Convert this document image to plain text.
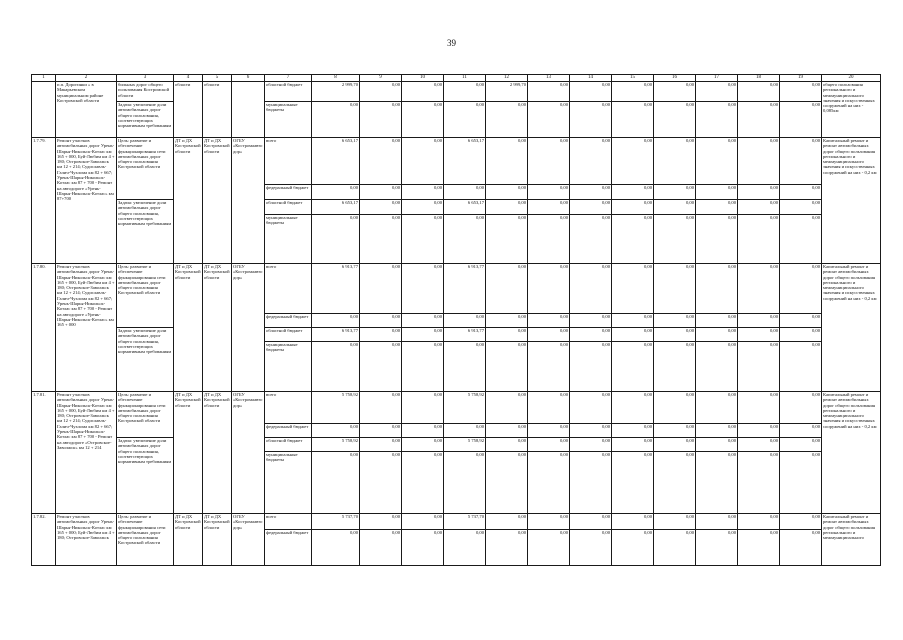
39
1	2	3	4	5	6	7	8	9	10	11	12	13	14	15	16	17	18	19	20
	п.п. Дорогинки » в Макарьевском муниципальном районе Костромской области	бильных дорог общего пользования Костромской области	области	области		областной бюджет	2 999,70	0,00	0,00	0,00	2 999,70	0,00	0,00	0,00	0,00	0,00	0,00	0,00	общего пользования регионального и межмуниципального значения и искусственных сооружений на них - 0,085км
		Задача: увеличение доли автомобильных дорог общего пользования, соответствующих нормативным требованиям				муниципальные бюджеты	0,00	0,00	0,00	0,00	0,00	0,00	0,00	0,00	0,00	0,00	0,00	0,00	
1.7.79.	Ремонт участков автомобильных дорог Урень-Шарья-Никольск-Котлас км 165 + 000, Буй-Любим км 4 + 180; Островское-Заволжск км 12 + 214; Судиславль-Галич-Чухлома км 82 + 667; Урень-Шарья-Никольск-Котлас км 87 + 700 - Ремонт на автодороге «Урень-Шарья-Никольск-Котлас» км 87+700	Цель: развитие и обеспечение функционирования сети автомобильных дорог общего пользования Костромской области	ДТ и ДХ Костромской области	ДТ и ДХ Костромской области	ОГБУ «Костромаавтодор»	всего	6 653,17	0,00	0,00	6 653,17	0,00	0,00	0,00	0,00	0,00	0,00	0,00	0,00	Капитальный ремонт и ремонт автомобильных дорог общего пользования регионального и межмуниципального значения и искусственных сооружений на них - 0,2 км
						федеральный бюджет	0,00	0,00	0,00	0,00	0,00	0,00	0,00	0,00	0,00	0,00	0,00	0,00	
		Задача: увеличение доли автомобильных дорог общего пользования, соответствующих нормативным требованиям				областной бюджет	6 653,17	0,00	0,00	6 653,17	0,00	0,00	0,00	0,00	0,00	0,00	0,00	0,00	
						муниципальные бюджеты	0,00	0,00	0,00	0,00	0,00	0,00	0,00	0,00	0,00	0,00	0,00	0,00	
1.7.80.	Ремонт участков автомобильных дорог Урень-Шарья-Никольск-Котлас км 165 + 000, Буй-Любим км 4 + 180; Островское-Заволжск км 12 + 214; Судиславль-Галич-Чухлома км 82 + 667; Урень-Шарья-Никольск-Котлас км 87 + 700 - Ремонт на автодороге «Урень-Шарья-Никольск-Котлас» км 165 + 000	Цель: развитие и обеспечение функционирования сети автомобильных дорог общего пользования Костромской области	ДТ и ДХ Костромской области	ДТ и ДХ Костромской области	ОГБУ «Костромаавтодор»	всего	6 913,77	0,00	0,00	6 913,77	0,00	0,00	0,00	0,00	0,00	0,00	0,00	0,00	Капитальный ремонт и ремонт автомобильных дорог общего пользования регионального и межмуниципального значения и искусственных сооружений на них - 0,2 км
						федеральный бюджет	0,00	0,00	0,00	0,00	0,00	0,00	0,00	0,00	0,00	0,00	0,00	0,00	
		Задача: увеличение доли автомобильных дорог общего пользования, соответствующих нормативным требованиям				областной бюджет	6 913,77	0,00	0,00	6 913,77	0,00	0,00	0,00	0,00	0,00	0,00	0,00	0,00	
						муниципальные бюджеты	0,00	0,00	0,00	0,00	0,00	0,00	0,00	0,00	0,00	0,00	0,00	0,00	
1.7.81.	Ремонт участков автомобильных дорог Урень-Шарья-Никольск-Котлас км 165 + 000, Буй-Любим км 4 + 180; Островское-Заволжск км 12 + 214; Судиславль-Галич-Чухлома км 82 + 667; Урень-Шарья-Никольск-Котлас км 87 + 700 - Ремонт на автодороге «Островское-Заволжск» км 12 + 214	Цель: развитие и обеспечение функционирования сети автомобильных дорог общего пользования Костромской области	ДТ и ДХ Костромской области	ДТ и ДХ Костромской области	ОГБУ «Костромаавтодор»	всего	5 758,92	0,00	0,00	5 758,92	0,00	0,00	0,00	0,00	0,00	0,00	0,00	0,00	Капитальный ремонт и ремонт автомобильных дорог общего пользования регионального и межмуниципального значения и искусственных сооружений на них - 0,2 км
						федеральный бюджет	0,00	0,00	0,00	0,00	0,00	0,00	0,00	0,00	0,00	0,00	0,00	0,00	
		Задача: увеличение доли автомобильных дорог общего пользования, соответствующих нормативным требованиям				областной бюджет	5 758,92	0,00	0,00	5 758,92	0,00	0,00	0,00	0,00	0,00	0,00	0,00	0,00	
						муниципальные бюджеты	0,00	0,00	0,00	0,00	0,00	0,00	0,00	0,00	0,00	0,00	0,00	0,00	
1.7.82.	Ремонт участков автомобильных дорог Урень-Шарья-Никольск-Котлас км 165 + 000; Буй-Любим км 4 + 180; Островское-Заволжск	Цель: развитие и обеспечение функционирования сети автомобильных дорог общего пользования Костромской области	ДТ и ДХ Костромской области	ДТ и ДХ Костромской области	ОГБУ «Костромаавтодор»	всего	5 737,70	0,00	0,00	5 737,70	0,00	0,00	0,00	0,00	0,00	0,00	0,00	0,00	Капитальный ремонт и ремонт автомобильных дорог общего пользования регионального и межмуниципального
						федеральный бюджет	0,00	0,00	0,00	0,00	0,00	0,00	0,00	0,00	0,00	0,00	0,00	0,00	
